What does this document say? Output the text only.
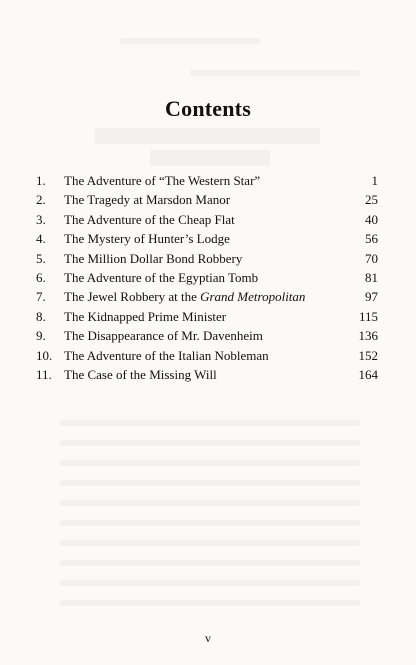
Contents
1. The Adventure of “The Western Star”	1
2. The Tragedy at Marsdon Manor	25
3. The Adventure of the Cheap Flat	40
4. The Mystery of Hunter’s Lodge	56
5. The Million Dollar Bond Robbery	70
6. The Adventure of the Egyptian Tomb	81
7. The Jewel Robbery at the Grand Metropolitan	97
8. The Kidnapped Prime Minister	115
9. The Disappearance of Mr. Davenheim	136
10. The Adventure of the Italian Nobleman	152
11. The Case of the Missing Will	164
v
